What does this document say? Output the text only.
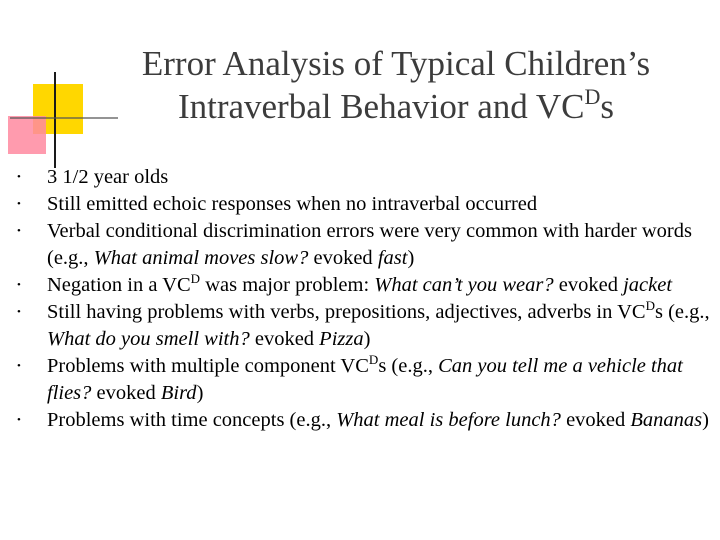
Error Analysis of Typical Children’s
Intraverbal Behavior and $VC^Ds$
• 3 1/2 year olds
• Still emitted echoic responses when no intraverbal occurred
• Verbal conditional discrimination errors were very common with harder words (e.g., What animal moves slow? evoked fast)
• Negation in a $VC^D$ was major problem: What can’t you wear? evoked jacket
• Still having problems with verbs, prepositions, adjectives, adverbs in $VC^Ds$ (e.g., What do you smell with? evoked Pizza)
• Problems with multiple component $VC^Ds$ (e.g., Can you tell me a vehicle that flies? evoked Bird)
• Problems with time concepts (e.g., What meal is before lunch? evoked Bananas)
